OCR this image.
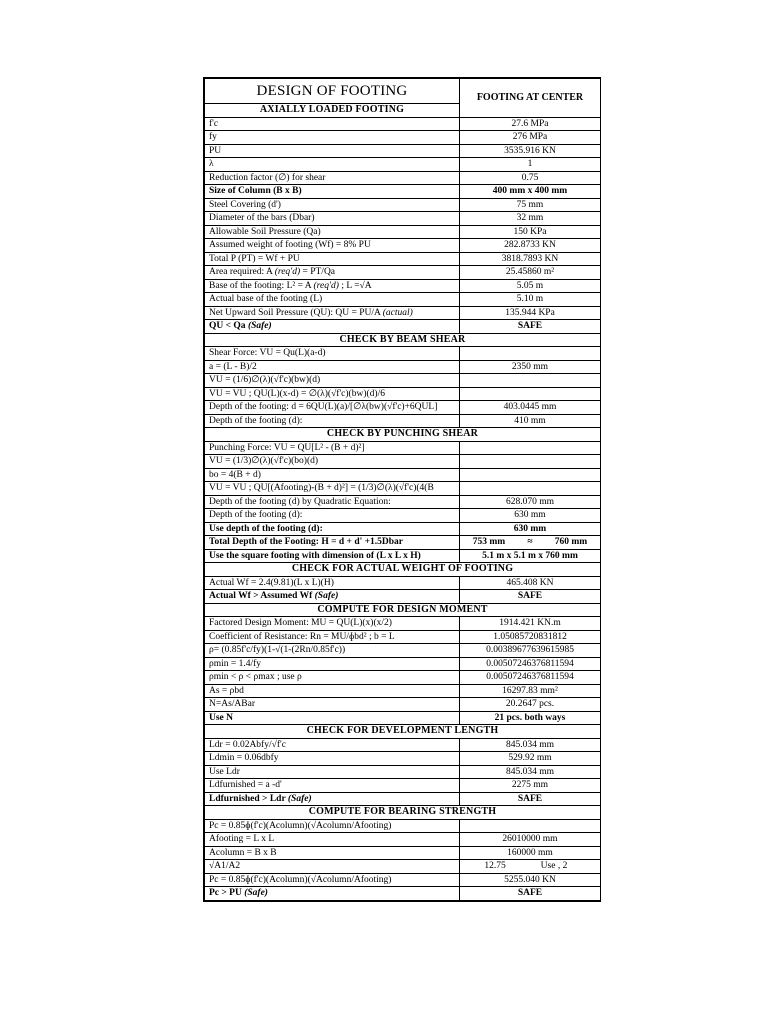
DESIGN OF FOOTING	FOOTING AT CENTER
AXIALLY LOADED FOOTING	
f'c	27.6 MPa
fy	276 MPa
PU	3535.916 KN
λ	1
Reduction factor (∅) for shear	0.75
Size of Column (B x B)	400 mm x 400 mm
Steel Covering (d')	75 mm
Diameter of the bars (Dbar)	32 mm
Allowable Soil Pressure (Qa)	150 KPa
Assumed weight of footing (Wf) = 8% PU	282.8733 KN
Total P (PT) = Wf + PU	3818.7893 KN
Area required: A (req'd) = PT/Qa	25.45860 m²
Base of the footing: L² = A (req'd) ; L =√A	5.05 m
Actual base of the footing (L)	5.10 m
Net Upward Soil Pressure (QU): QU = PU/A (actual)	135.944 KPa
QU < Qa (Safe)	SAFE
CHECK BY BEAM SHEAR	
Shear Force: VU = Qu(L)(a-d)	
a = (L - B)/2	2350 mm
VU = (1/6)∅(λ)(√f'c)(bw)(d)	
VU = VU ; QU(L)(x-d) = ∅(λ)(√f'c)(bw)(d)/6	
Depth of the footing: d = 6QU(L)(a)/[∅λ(bw)(√f'c)+6QUL]	403.0445 mm
Depth of the footing (d):	410 mm
CHECK BY PUNCHING SHEAR	
Punching Force: VU = QU[L² - (B + d)²]	
VU = (1/3)∅(λ)(√f'c)(bo)(d)	
bo = 4(B + d)	
VU = VU ; QU[(Afooting)-(B + d)²] = (1/3)∅(λ)(√f'c)(4(B	
Depth of the footing (d) by Quadratic Equation:	628.070 mm
Depth of the footing (d):	630 mm
Use depth of the footing (d):	630 mm
Total Depth of the Footing: H = d + d' +1.5Dbar	753 mm ≈ 760 mm
Use the square footing with dimension of (L x L x H)	5.1 m x 5.1 m x 760 mm
CHECK FOR ACTUAL WEIGHT OF FOOTING	
Actual Wf = 2.4(9.81)(L x L)(H)	465.408 KN
Actual Wf > Assumed Wf (Safe)	SAFE
COMPUTE FOR DESIGN MOMENT	
Factored Design Moment: MU = QU(L)(x)(x/2)	1914.421 KN.m
Coefficient of Resistance: Rn = MU/ɸbd² ; b = L	1.05085720831812
ρ= (0.85f'c/fy)(1-√(1-(2Rn/0.85f'c))	0.00389677639615985
ρmin = 1.4/fy	0.00507246376811594
ρmin < ρ < ρmax ; use ρ	0.00507246376811594
As = ρbd	16297.83 mm²
N=As/ABar	20.2647 pcs.
Use N	21 pcs. both ways
CHECK FOR DEVELOPMENT LENGTH	
Ldr = 0.02Abfy/√f'c	845.034 mm
Ldmin = 0.06dbfy	529.92 mm
Use Ldr	845.034 mm
Ldfurnished = a -d'	2275 mm
Ldfurnished > Ldr (Safe)	SAFE
COMPUTE FOR BEARING STRENGTH	
Pc = 0.85ɸ(f'c)(Acolumn)(√Acolumn/Afooting)	
Afooting = L x L	26010000 mm
Acolumn = B x B	160000 mm
√A1/A2	12.75 Use , 2
Pc = 0.85ɸ(f'c)(Acolumn)(√Acolumn/Afooting)	5255.040 KN
Pc > PU (Safe)	SAFE
